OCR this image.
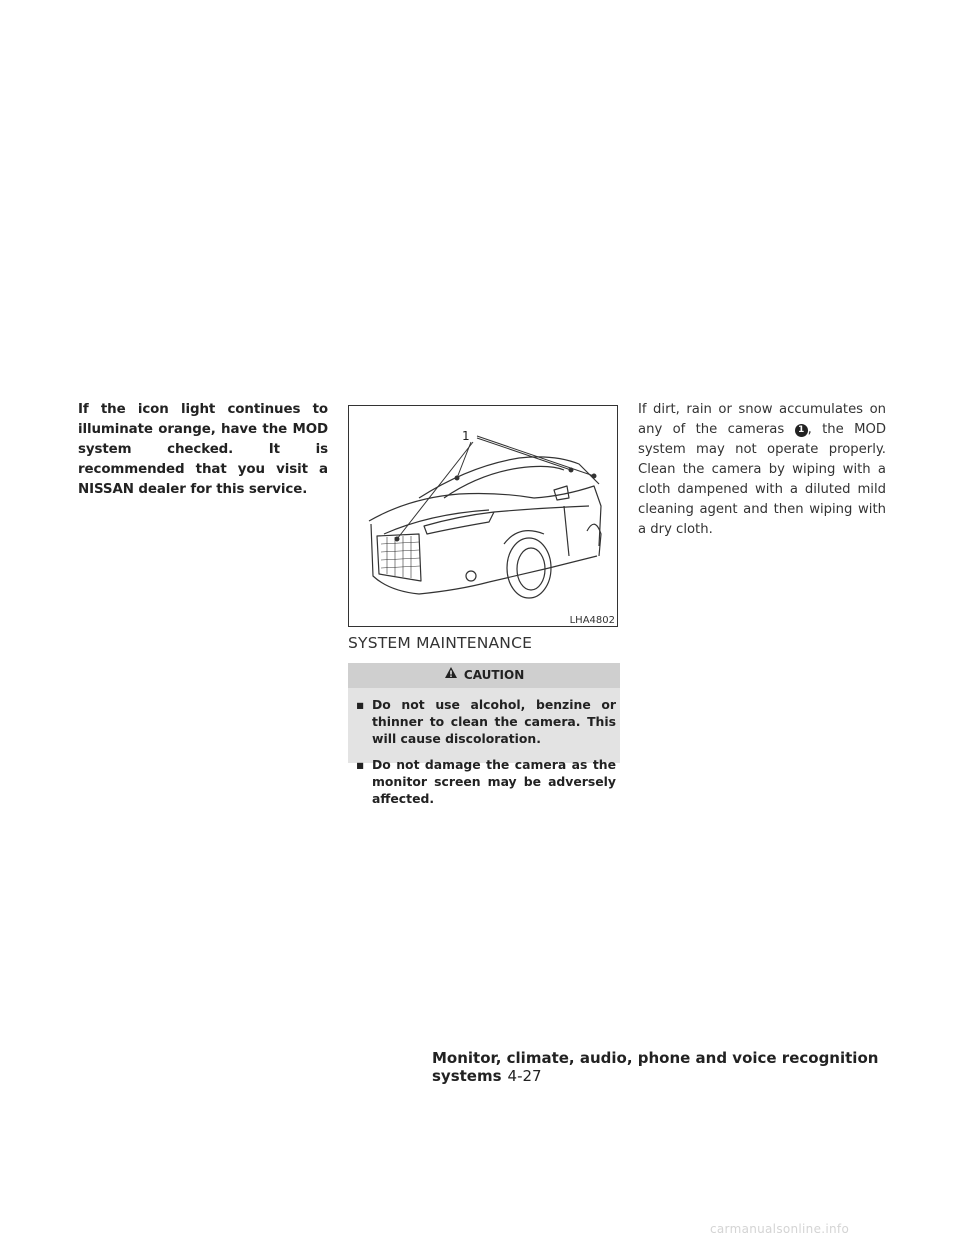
If the icon light continues to illuminate orange, have the MOD system checked. It is recommended that you visit a NISSAN dealer for this service.

1
LHA4802
SYSTEM MAINTENANCE
CAUTION
▪ Do not use alcohol, benzine or thinner to clean the camera. This will cause discoloration.
▪ Do not damage the camera as the monitor screen may be adversely affected.
If dirt, rain or snow accumulates on any of the cameras 1 , the MOD system may not operate properly. Clean the camera by wiping with a cloth dampened with a diluted mild cleaning agent and then wiping with a dry cloth.
Monitor, climate, audio, phone and voice recognition systems 4-27
carmanualsonline.info
